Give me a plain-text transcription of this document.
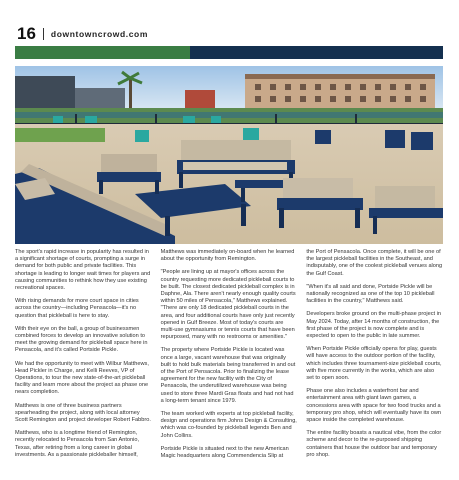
16 downtowncrowd.com

The sport's rapid increase in popularity has resulted in a significant shortage of courts, prompting a surge in demand for both public and private facilities. This shortage is leading to longer wait times for players and causing communities to rethink how they use existing recreational spaces.

With rising demands for more court space in cities across the country—including Pensacola—it's no question that pickleball is here to stay.

With their eye on the ball, a group of businessmen combined forces to develop an innovative solution to meet the growing demand for pickleball space here in Pensacola, and it's called Portside Pickle.

We had the opportunity to meet with Wilbur Matthews, Head Pickler in Charge, and Kelli Reeves, VP of Operations, to tour the new state-of-the-art pickleball facility and learn more about the project as phase one nears completion.

Matthews is one of three business partners spearheading the project, along with local attorney Scott Remington and project developer Robert Fabbro.

Matthews, who is a longtime friend of Remington, recently relocated to Pensacola from San Antonio, Texas, after retiring from a long career in global investments. As a passionate pickleballer himself,

Matthews was immediately on-board when he learned about the opportunity from Remington.

"People are lining up at mayor's offices across the country requesting more dedicated pickleball courts to be built. The closest dedicated pickleball complex is in Daphne, Ala. There aren't nearly enough quality courts within 50 miles of Pensacola," Matthews explained. "There are only 18 dedicated pickleball courts in the area, and four additional courts have only just recently opened in Gulf Breeze. Most of today's courts are multi-use gymnasiums or tennis courts that have been repurposed, many with no restrooms or amenities."

The property where Portside Pickle is located was once a large, vacant warehouse that was originally built to hold bulk materials being transferred in and out of the Port of Pensacola. Prior to finalizing the lease agreement for the new facility with the City of Pensacola, the underutilized warehouse was being used to store three Mardi Gras floats and had not had a long-term tenant since 1979.

The team worked with experts at top pickleball facility, design and operations firm Johns Design & Consulting, which was co-founded by pickleball legends Ben and John Collins.

Portside Pickle is situated next to the new American Magic headquarters along Commendencia Slip at

the Port of Pensacola. Once complete, it will be one of the largest pickleball facilities in the Southeast, and indisputably, one of the coolest pickleball venues along the Gulf Coast.

"When it's all said and done, Portside Pickle will be nationally recognized as one of the top 10 pickleball facilities in the country," Matthews said.

Developers broke ground on the multi-phase project in May 2024. Today, after 14 months of construction, the first phase of the project is now complete and is expected to open to the public in late summer.

When Portside Pickle officially opens for play, guests will have access to the outdoor portion of the facility, which includes three tournament-size pickleball courts, with five more currently in the works, which are also set to open soon.

Phase one also includes a waterfront bar and entertainment area with giant lawn games, a concessions area with space for two food trucks and a temporary pro shop, which will eventually have its own space inside the completed warehouse.

The entire facility boasts a nautical vibe, from the color scheme and decor to the re-purposed shipping containers that house the outdoor bar and temporary pro shop.
